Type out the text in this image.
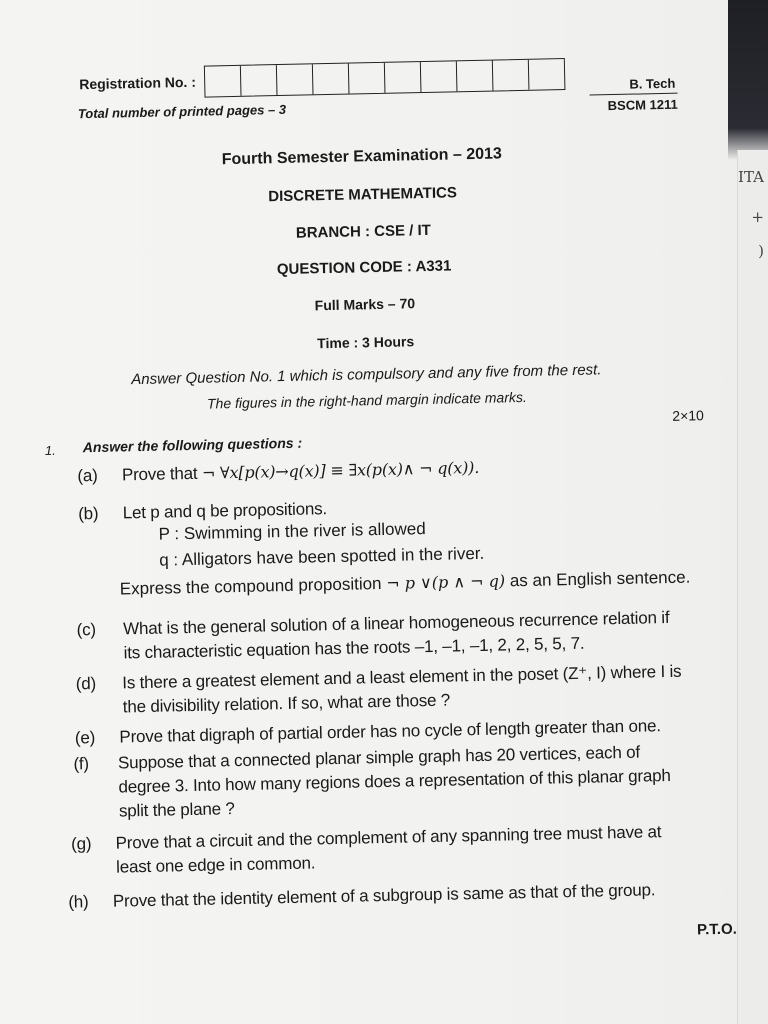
ITA
+
)
Registration No. :
Total number of printed pages – 3
B. Tech
BSCM 1211
Fourth Semester Examination – 2013
DISCRETE MATHEMATICS
BRANCH : CSE / IT
QUESTION CODE : A331
Full Marks – 70
Time : 3 Hours
Answer Question No. 1 which is compulsory and any five from the rest.
The figures in the right-hand margin indicate marks.
2×10
1. Answer the following questions :
(a) Prove that ¬ ∀x[p(x)→q(x)] ≡ ∃x(p(x)∧ ¬ q(x)).
(b) Let p and q be propositions.
P : Swimming in the river is allowed
q : Alligators have been spotted in the river.
Express the compound proposition ¬ p ∨(p ∧ ¬ q) as an English sentence.
(c) What is the general solution of a linear homogeneous recurrence relation if
its characteristic equation has the roots –1, –1, –1, 2, 2, 5, 5, 7.
(d) Is there a greatest element and a least element in the poset (Z⁺, I) where I is
the divisibility relation. If so, what are those ?
(e) Prove that digraph of partial order has no cycle of length greater than one.
(f) Suppose that a connected planar simple graph has 20 vertices, each of
degree 3. Into how many regions does a representation of this planar graph
split the plane ?
(g) Prove that a circuit and the complement of any spanning tree must have at
least one edge in common.
(h) Prove that the identity element of a subgroup is same as that of the group.
P.T.O.
